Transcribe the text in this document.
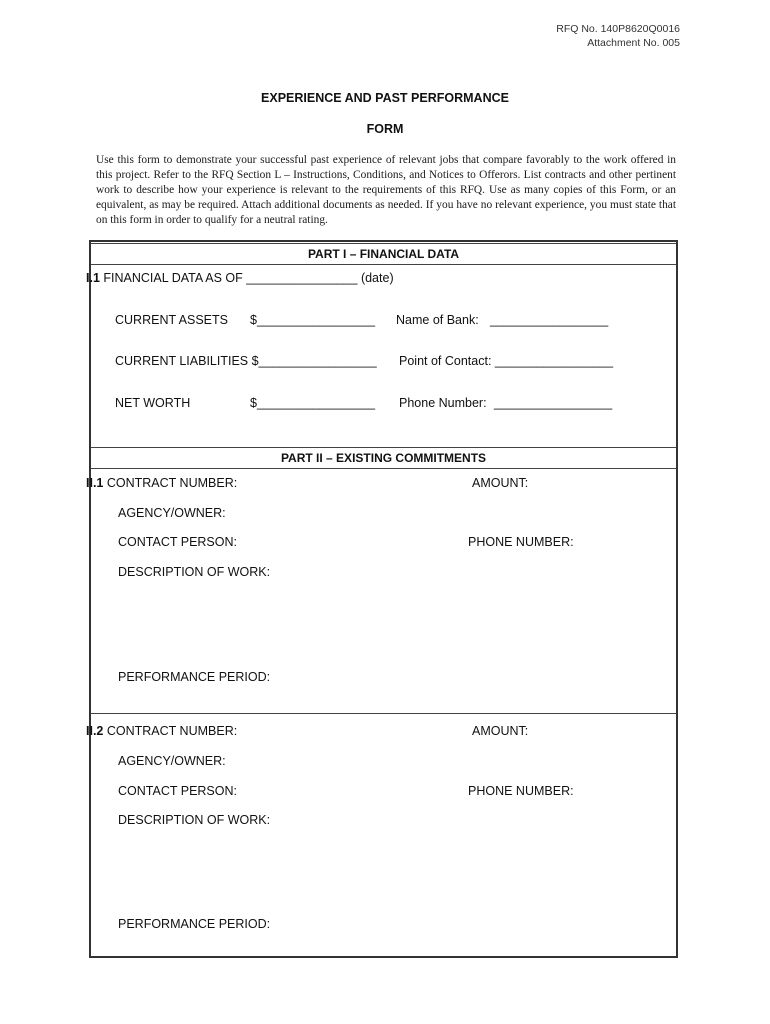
RFQ No. 140P8620Q0016
Attachment No. 005
EXPERIENCE AND PAST PERFORMANCE
FORM
Use this form to demonstrate your successful past experience of relevant jobs that compare favorably to the work offered in this project. Refer to the RFQ Section L – Instructions, Conditions, and Notices to Offerors. List contracts and other pertinent work to describe how your experience is relevant to the requirements of this RFQ. Use as many copies of this Form, or an equivalent, as may be required. Attach additional documents as needed. If you have no relevant experience, you must state that on this form in order to qualify for a neutral rating.
PART I – FINANCIAL DATA
I.1 FINANCIAL DATA AS OF ________________ (date)
CURRENT ASSETS $_________________ Name of Bank: _________________
CURRENT LIABILITIES $_________________ Point of Contact: _________________
NET WORTH	$_________________ Phone Number: _________________
PART II – EXISTING COMMITMENTS
II.1 CONTRACT NUMBER:	AMOUNT:
AGENCY/OWNER:
CONTACT PERSON:	PHONE NUMBER:
DESCRIPTION OF WORK:
PERFORMANCE PERIOD:
II.2 CONTRACT NUMBER:	AMOUNT:
AGENCY/OWNER:
CONTACT PERSON:	PHONE NUMBER:
DESCRIPTION OF WORK:
PERFORMANCE PERIOD:
